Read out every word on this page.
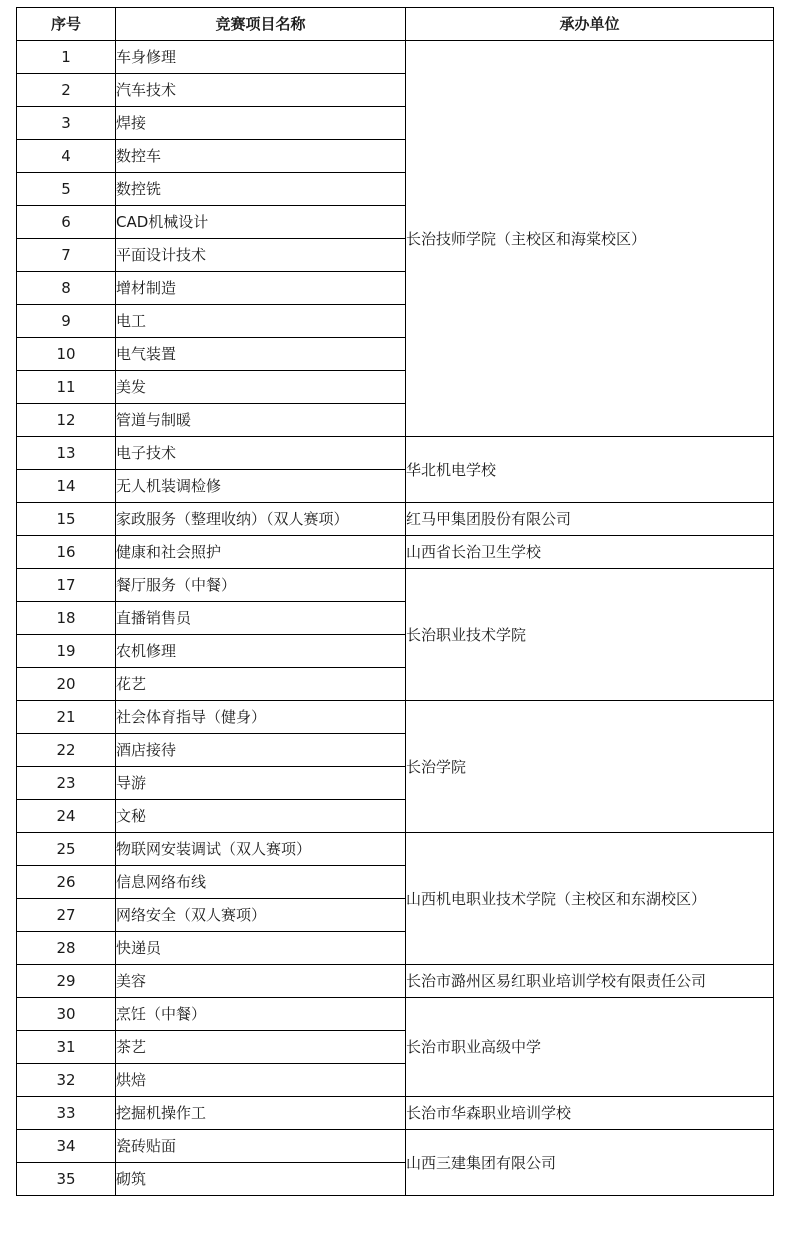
序号	竞赛项目名称	承办单位
1	车身修理	长治技师学院（主校区和海棠校区）
2	汽车技术	
3	焊接	
4	数控车	
5	数控铣	
6	CAD机械设计	
7	平面设计技术	
8	增材制造	
9	电工	
10	电气装置	
11	美发	
12	管道与制暖	
13	电子技术	华北机电学校
14	无人机装调检修	
15	家政服务（整理收纳）（双人赛项）	红马甲集团股份有限公司
16	健康和社会照护	山西省长治卫生学校
17	餐厅服务（中餐）	长治职业技术学院
18	直播销售员	
19	农机修理	
20	花艺	
21	社会体育指导（健身）	长治学院
22	酒店接待	
23	导游	
24	文秘	
25	物联网安装调试（双人赛项）	山西机电职业技术学院（主校区和东湖校区）
26	信息网络布线	
27	网络安全（双人赛项）	
28	快递员	
29	美容	长治市潞州区易红职业培训学校有限责任公司
30	烹饪（中餐）	长治市职业高级中学
31	茶艺	
32	烘焙	
33	挖掘机操作工	长治市华森职业培训学校
34	瓷砖贴面	山西三建集团有限公司
35	砌筑	
